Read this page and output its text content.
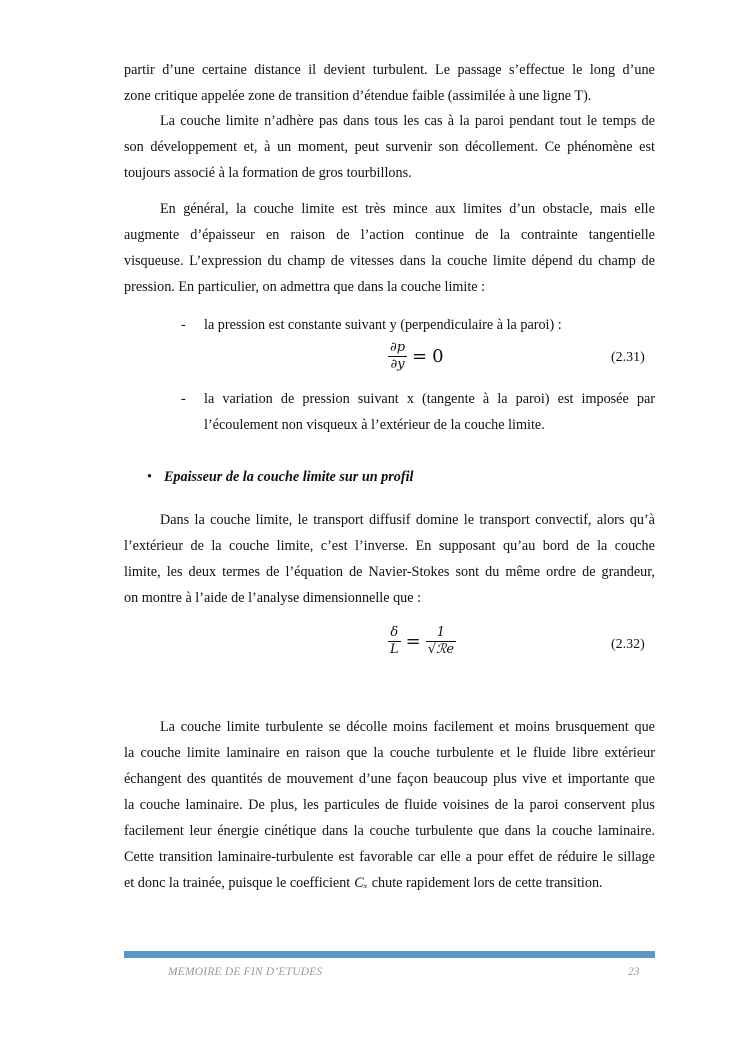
partir d’une certaine distance il devient turbulent. Le passage s’effectue le long d’une
zone critique appelée zone de transition d’étendue faible (assimilée à une ligne T).
La couche limite n’adhère pas dans tous les cas à la paroi pendant tout le temps de
son développement et, à un moment, peut survenir son décollement. Ce phénomène est
toujours associé à la formation de gros tourbillons.
En général, la couche limite est très mince aux limites d’un obstacle, mais elle
augmente d’épaisseur en raison de l’action continue de la contrainte tangentielle
visqueuse. L’expression du champ de vitesses dans la couche limite dépend du champ de
pression. En particulier, on admettra que dans la couche limite :
- la pression est constante suivant y (perpendiculaire à la paroi) :
$\frac{\partial p}{\partial y} = 0$	(2.31)
- la variation de pression suivant x (tangente à la paroi) est imposée par
l’écoulement non visqueux à l’extérieur de la couche limite.
• Epaisseur de la couche limite sur un profil
Dans la couche limite, le transport diffusif domine le transport convectif, alors qu’à
l’extérieur de la couche limite, c’est l’inverse. En supposant qu’au bord de la couche
limite, les deux termes de l’équation de Navier-Stokes sont du même ordre de grandeur,
on montre à l’aide de l’analyse dimensionnelle que :
$\frac{\delta}{L} = \frac{1}{\text{√ℛe}}$	(2.32)
La couche limite turbulente se décolle moins facilement et moins brusquement que
la couche limite laminaire en raison que la couche turbulente et le fluide libre extérieur
échangent des quantités de mouvement d’une façon beaucoup plus vive et importante que
la couche laminaire. De plus, les particules de fluide voisines de la paroi conservent plus
facilement leur énergie cinétique dans la couche turbulente que dans la couche laminaire.
Cette transition laminaire-turbulente est favorable car elle a pour effet de réduire le sillage
et donc la trainée, puisque le coefficient Cₓ chute rapidement lors de cette transition.
MEMOIRE DE FIN D’ETUDES	23
